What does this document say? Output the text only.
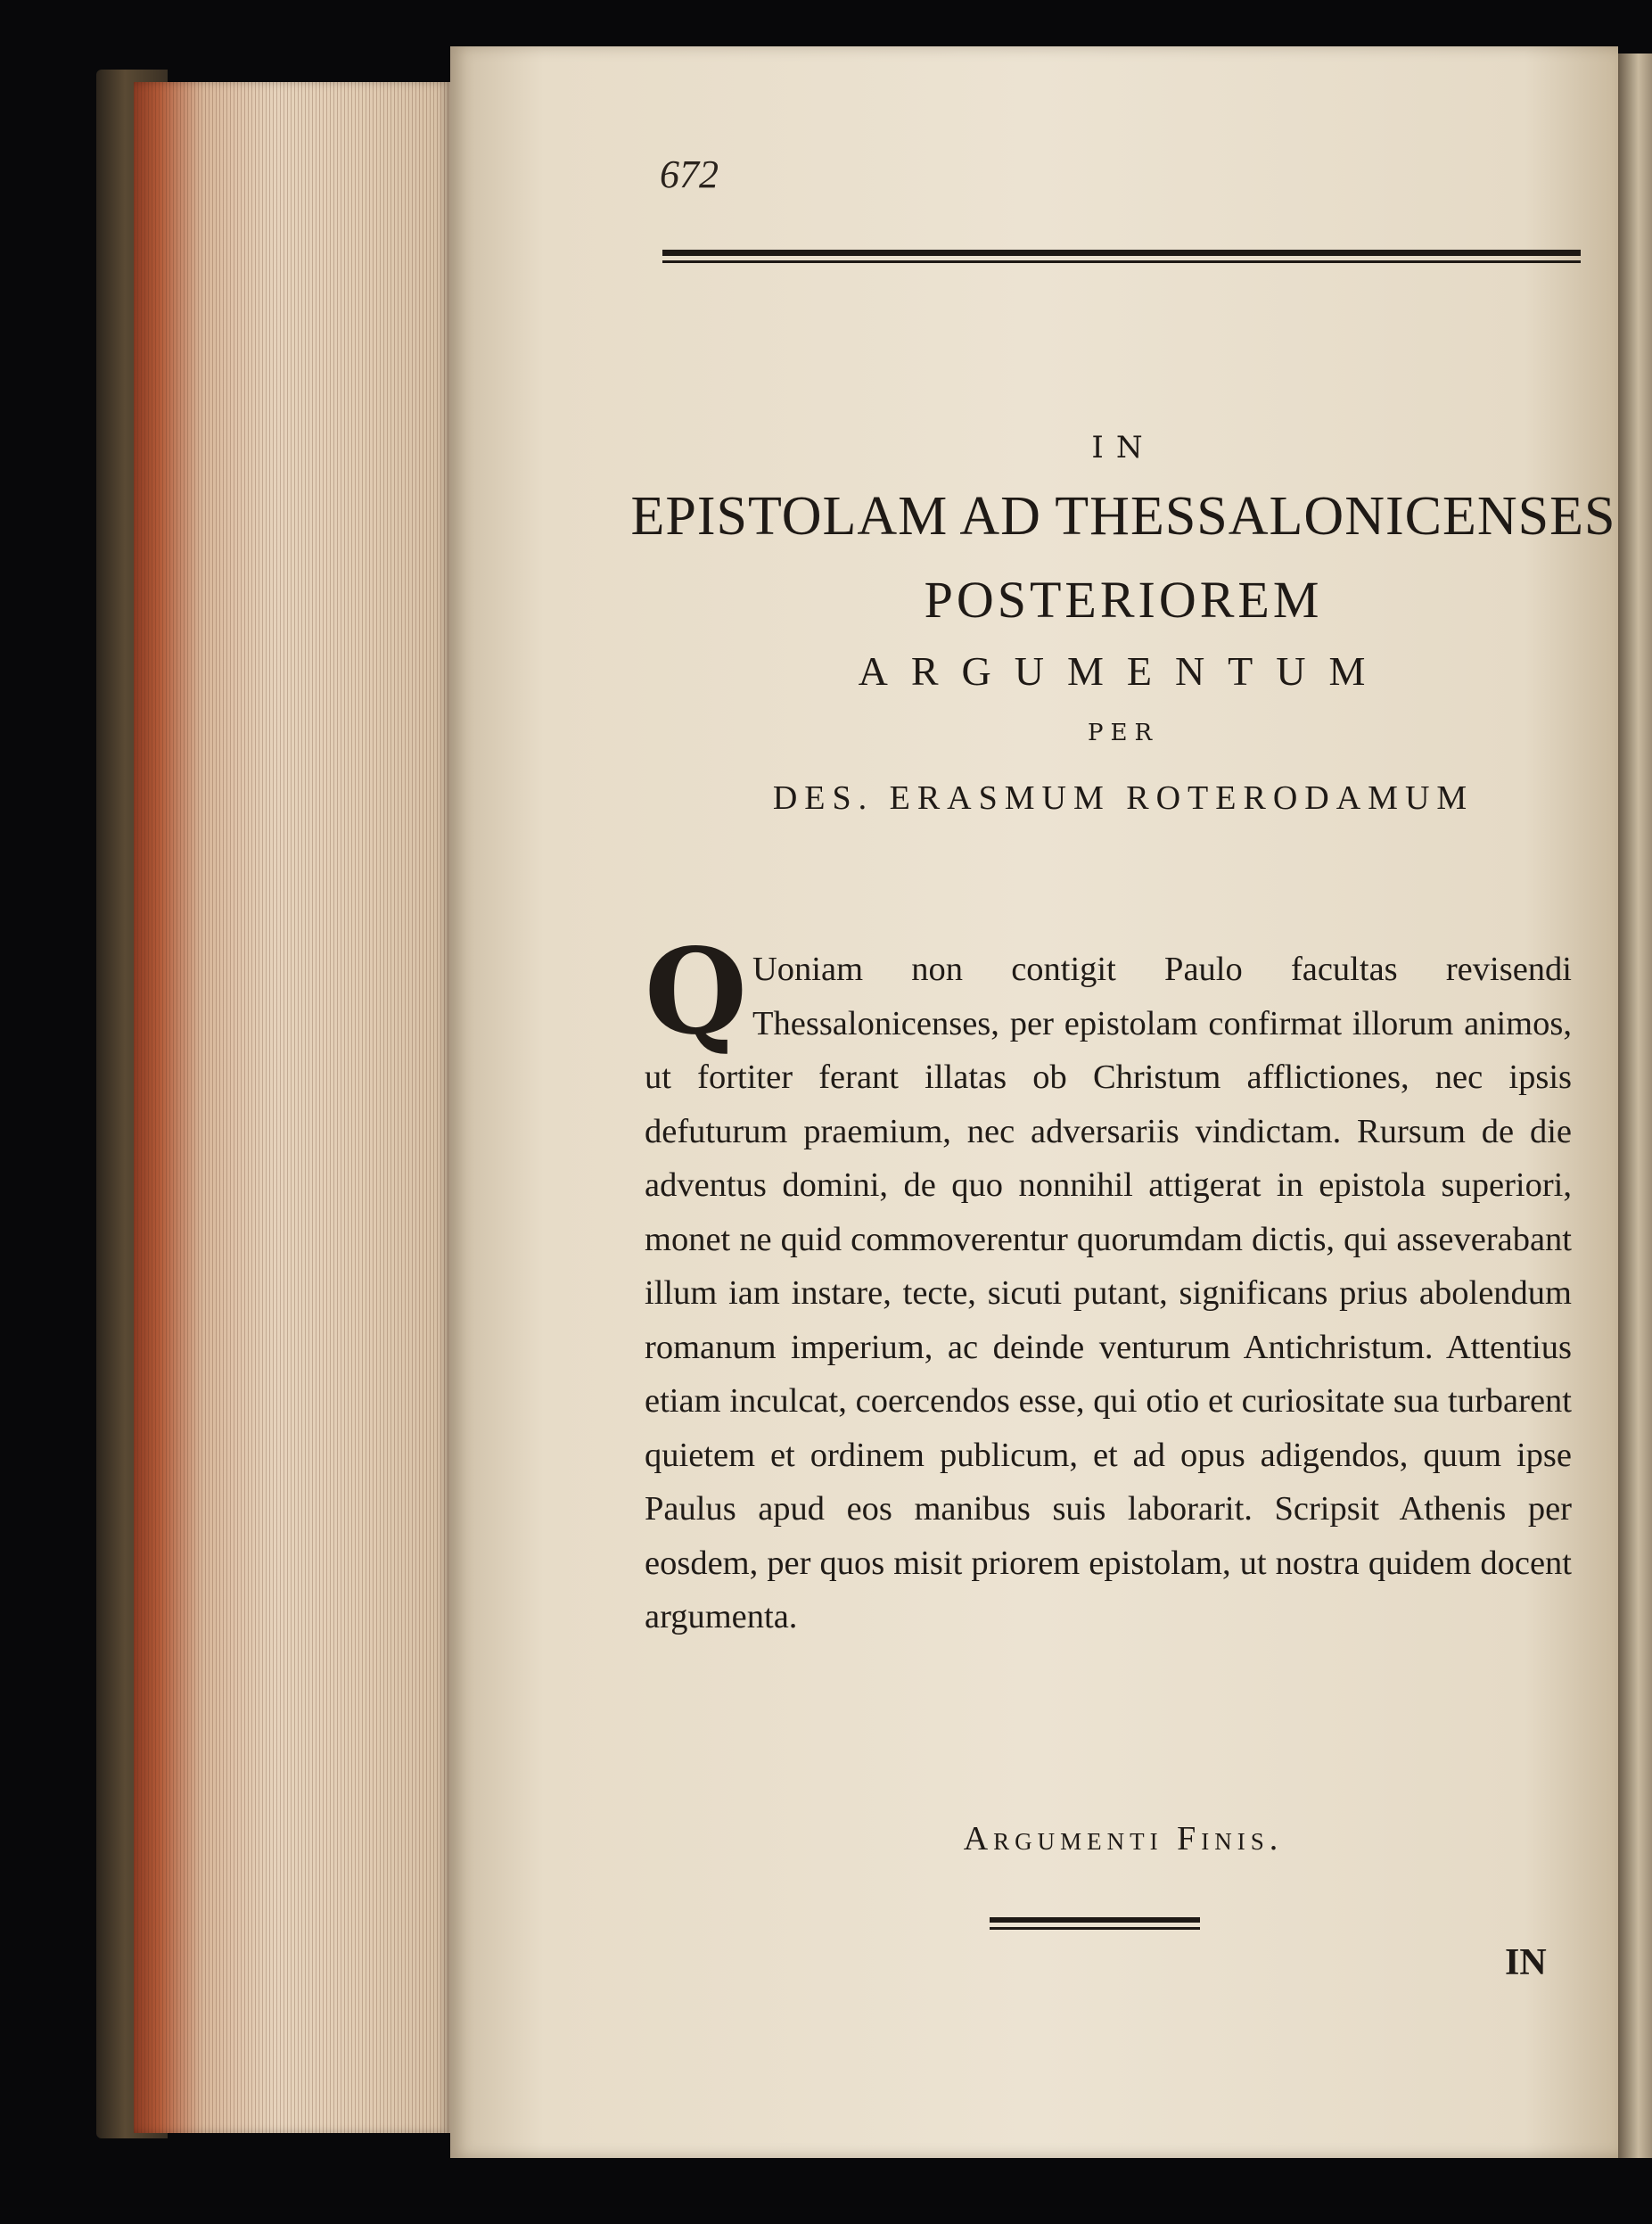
672
IN
EPISTOLAM AD THESSALONICENSES
POSTERIOREM
ARGUMENTUM
PER
DES. ERASMUM ROTERODAMUM
Q Uoniam non contigit Paulo facultas revisendi Thessalonicenses, per epistolam confirmat illorum animos, ut fortiter ferant illatas ob Christum afflictiones, nec ipsis defuturum praemium, nec adversariis vindictam. Rursum de die adventus domini, de quo nonnihil attigerat in epistola superiori, monet ne quid commoverentur quorumdam dictis, qui asseverabant illum iam instare, tecte, sicuti putant, significans prius abolendum romanum imperium, ac deinde venturum Antichristum. Attentius etiam inculcat, coercendos esse, qui otio et curiositate sua turbarent quietem et ordinem publicum, et ad opus adigendos, quum ipse Paulus apud eos manibus suis laborarit. Scripsit Athenis per eosdem, per quos misit priorem epistolam, ut nostra quidem docent argumenta.
Argumenti Finis.
IN
